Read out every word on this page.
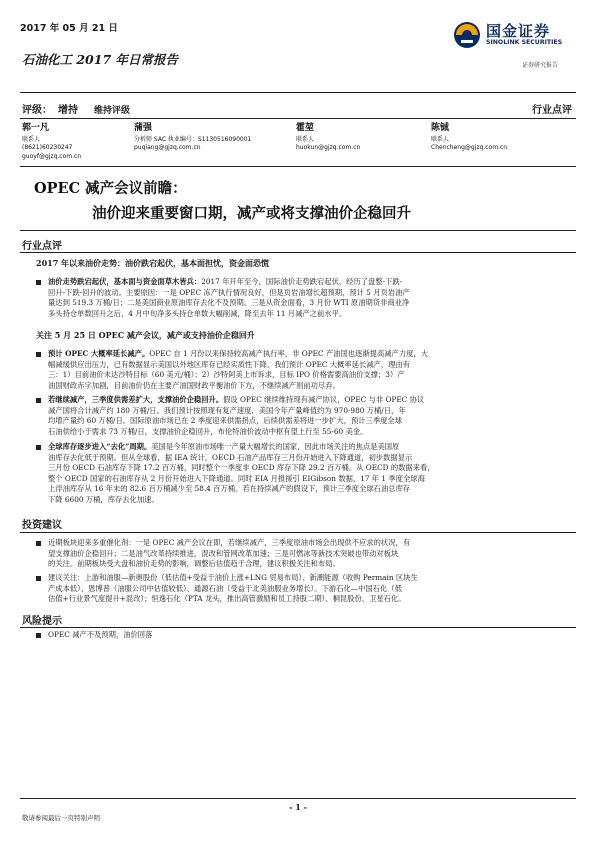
2017 年 05 月 21 日	国金证券
SINOLINK SECURITIES
证券研究报告
石油化工 2017 年日常报告
评级： 增持 维持评级	行业点评
郭一凡
联系人
(8621)60230247
guoyf@gjzq.com.cn
蒲强
分析师 SAC 执业编号：S1130516090001
puqiang@gjzq.com.cn
霍堃
联系人
huokun@gjzq.com.cn
陈铖
联系人
Chencheng@gjzq.com.cn
OPEC 减产会议前瞻：
油价迎来重要窗口期，减产或将支撑油价企稳回升
行业点评
2017 年以来油价走势：油价跌宕起伏，基本面担忧，资金面恐慌
油价走势跌宕起伏，基本面与资金面草木皆兵：2017 年开年至今，国际油价走势跌宕起伏，经历了盘整-下跌-
回升-下跌-回升的波动。主要原因：一是 OPEC 冻产执行情况良好，但是页岩油增长超预期，预计 5 月页岩油产
量达到 519.3 万桶/日；二是美国商业原油库存去化不及预期。三是从资金面看，3 月份 WTI 原油期货非商业净
多头持仓单数回升之后，4 月中旬净多头持仓单数大幅削减，降至去年 11 月减产之前水平。
关注 5 月 25 日 OPEC 减产会议，减产或支持油价企稳回升
预计 OPEC 大概率延长减产。OPEC 自 1 月份以来保持较高减产执行率，非 OPEC 产油国也逐渐提高减产力度，大
幅减缓供应出压力，已有数据显示美国以外地区库存已经实质性下降。我们预计 OPEC 大概率延长减产，理由有
三：1）目前油价未达沙特目标（60 美元/桶）；2）沙特阿美上市诉求，目标 IPO 价格需要高油价支撑；3）产
油国财政赤字加剧，目前油价仍在主要产油国财政平衡油价下方，不继续减产则前功尽弃。
若继续减产，三季度供需差扩大，支撑油价企稳回升。假设 OPEC 继续维持现有减产协议，OPEC 与非 OPEC 协议
减产国将合计减产约 180 万桶/日。我们预计按照现有复产速度，美国今年产量峰值约为 970-980 万桶/日，年
均增产量约 60 万桶/日。国际原油市场已在 2 季度迎来供需拐点，后续供需差将进一步扩大，预计三季度全球
石油供给小于需求 73 万桶/日，支撑油价企稳回升，布伦特油价波动中枢有望上行至 55-60 美金。
全球库存逐步进入“去化”周期。美国是今年原油市场唯一产量大幅增长的国家，因此市场关注的焦点是美国原
油库存去化低于预期。但从全球看，据 IEA 统计，OECD 石油产品库存三月份开始进入下降通道，初步数据显示
三月份 OECD 石油库存下降 17.2 百万桶，同时整个一季度非 OECD 库存下降 29.2 百万桶。从 OECD 的数据来看，
整个 OECD 国家的石油库存从 2 月份开始进入下降通道。同时 EIA 月报援引 EIGibson 数据，17 年 1 季度全球海
上浮油库存从 16 年末的 82.6 百万桶减少至 58.4 百万桶。若在持续减产的假设下，预计三季度全球石油总库存
下降 6600 万桶，库存去化加速。
投资建议
近期板块迎来多重催化剂：一是 OPEC 减产会议在即，若继续减产，三季度原油市场会出现供不应求的状况，有
望支撑油价企稳回升；二是油气改革持续推进，混改和管网改革加速；三是可燃冰等新技术突破也带动对板块
的关注。前期板块受大盘和油价走势的影响，调整后估值趋于合理，建议积极关注和布局。
建议关注：上游和油服—新奥股份（低估值+受益于油价上涨+LNG 贸易布局）、新潮能源（收购 Permain 区块生
产成本低）、恩博普（油服公司中估值较低）、通源石油（受益于北美油服业务增长）。下游石化—中国石化（低
估值+行业景气度提升+混改）；恒逸石化（PTA 龙头，推出高管激励和员工持股二期）、桐昆股份、卫星石化。
风险提示
OPEC 减产不及预期，油价回落
- 1 -
敬请参阅最后一页特别声明
